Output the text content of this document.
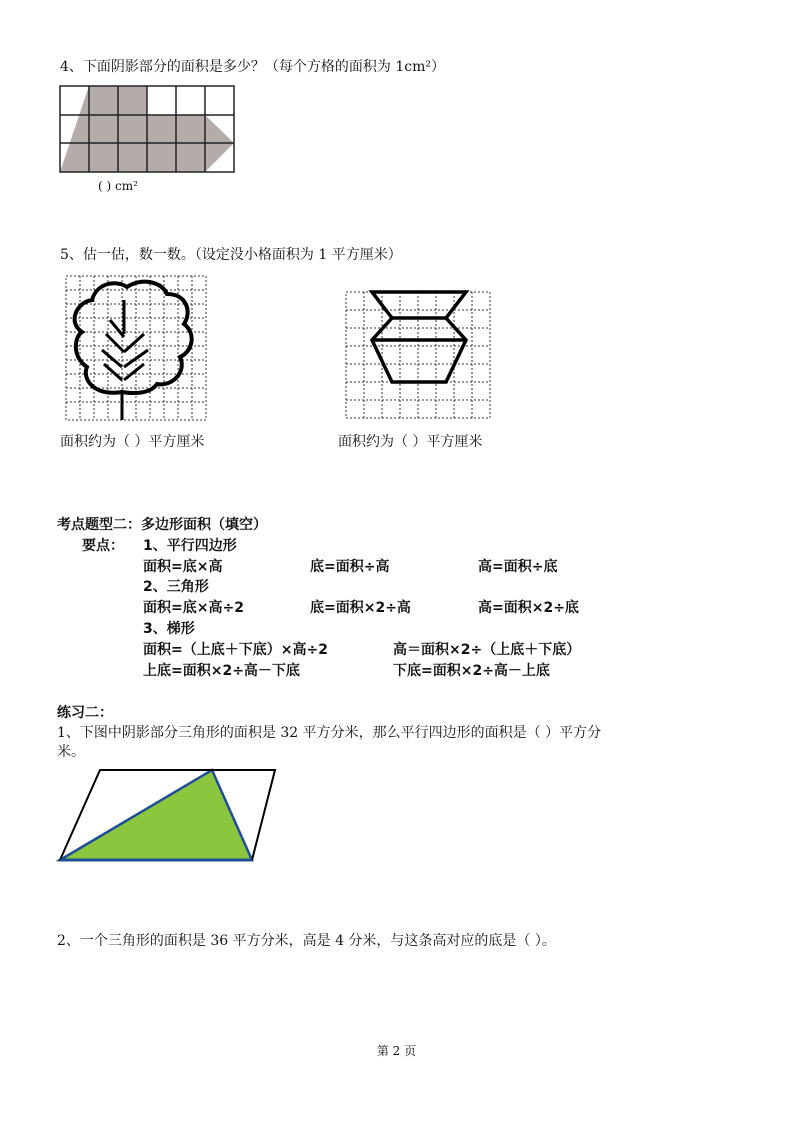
4、下面阴影部分的面积是多少？（每个方格的面积为 1cm²）
( ) cm²
5、估一估，数一数。（设定没小格面积为 1 平方厘米）
面积约为（ ）平方厘米	面积约为（ ）平方厘米
考点题型二：多边形面积（填空）
要点： 1、平行四边形
面积=底×高	底=面积÷高	高=面积÷底
2、三角形
面积=底×高÷2	底=面积×2÷高	高=面积×2÷底
3、梯形
面积=（上底＋下底）×高÷2	高＝面积×2÷（上底＋下底）
上底=面积×2÷高－下底	下底=面积×2÷高－上底
练习二：
1、下图中阴影部分三角形的面积是 32 平方分米，那么平行四边形的面积是（ ）平方分
米。
2、一个三角形的面积是 36 平方分米，高是 4 分米，与这条高对应的底是（ ）。
第 2 页
